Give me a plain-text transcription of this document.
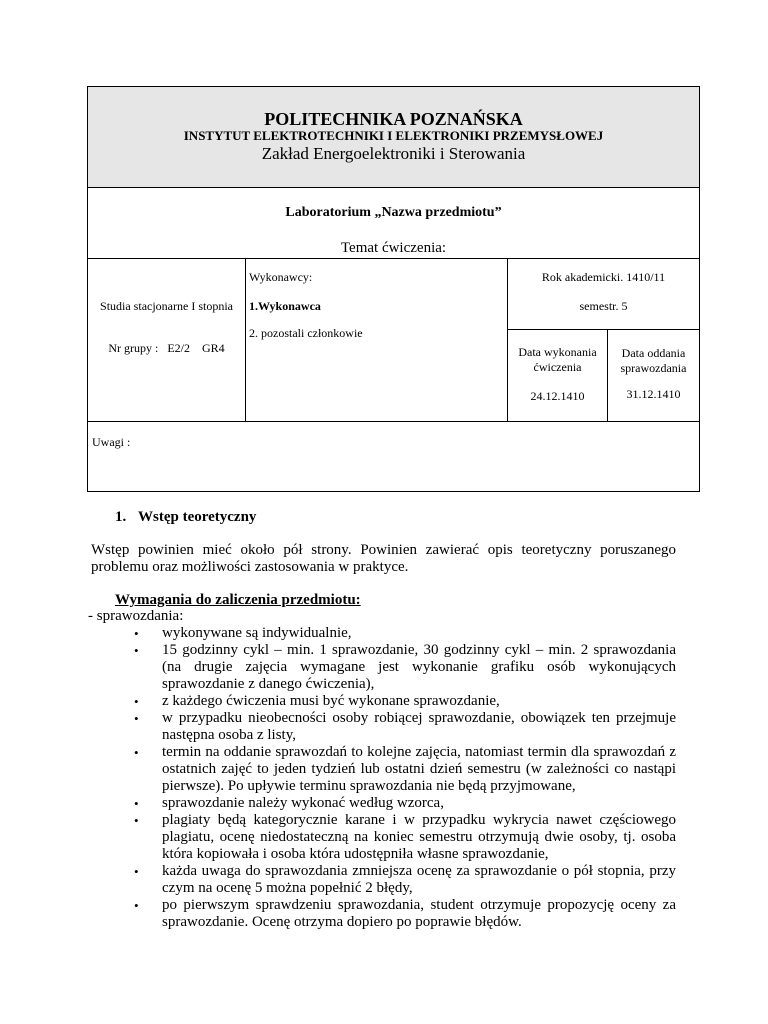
POLITECHNIKA POZNAŃSKA
INSTYTUT ELEKTROTECHNIKI I ELEKTRONIKI PRZEMYSŁOWEJ
Zakład Energoelektroniki i Sterowania
Laboratorium „Nazwa przedmiotu”
Temat ćwiczenia:
Studia stacjonarne I stopnia
Nr grupy :   E2/2    GR4
Wykonawcy:
1.Wykonawca
2. pozostali członkowie
Rok akademicki. 1410/11
semestr. 5
Data wykonania
ćwiczenia
24.12.1410
Data oddania
sprawozdania
31.12.1410
Uwagi :
1. Wstęp teoretyczny
Wstęp powinien mieć około pół strony. Powinien zawierać opis teoretyczny poruszanego
problemu oraz możliwości zastosowania w praktyce.
Wymagania do zaliczenia przedmiotu:
- sprawozdania:
• wykonywane są indywidualnie,
• 15 godzinny cykl – min. 1 sprawozdanie, 30 godzinny cykl – min. 2 sprawozdania (na drugie zajęcia wymagane jest wykonanie grafiku osób wykonujących sprawozdanie z danego ćwiczenia),
• z każdego ćwiczenia musi być wykonane sprawozdanie,
• w przypadku nieobecności osoby robiącej sprawozdanie, obowiązek ten przejmuje następna osoba z listy,
• termin na oddanie sprawozdań to kolejne zajęcia, natomiast termin dla sprawozdań z ostatnich zajęć to jeden tydzień lub ostatni dzień semestru (w zależności co nastąpi pierwsze). Po upływie terminu sprawozdania nie będą przyjmowane,
• sprawozdanie należy wykonać według wzorca,
• plagiaty będą kategorycznie karane i w przypadku wykrycia nawet częściowego plagiatu, ocenę niedostateczną na koniec semestru otrzymują dwie osoby, tj. osoba która kopiowała i osoba która udostępniła własne sprawozdanie,
• każda uwaga do sprawozdania zmniejsza ocenę za sprawozdanie o pół stopnia, przy czym na ocenę 5 można popełnić 2 błędy,
• po pierwszym sprawdzeniu sprawozdania, student otrzymuje propozycję oceny za sprawozdanie. Ocenę otrzyma dopiero po poprawie błędów.
